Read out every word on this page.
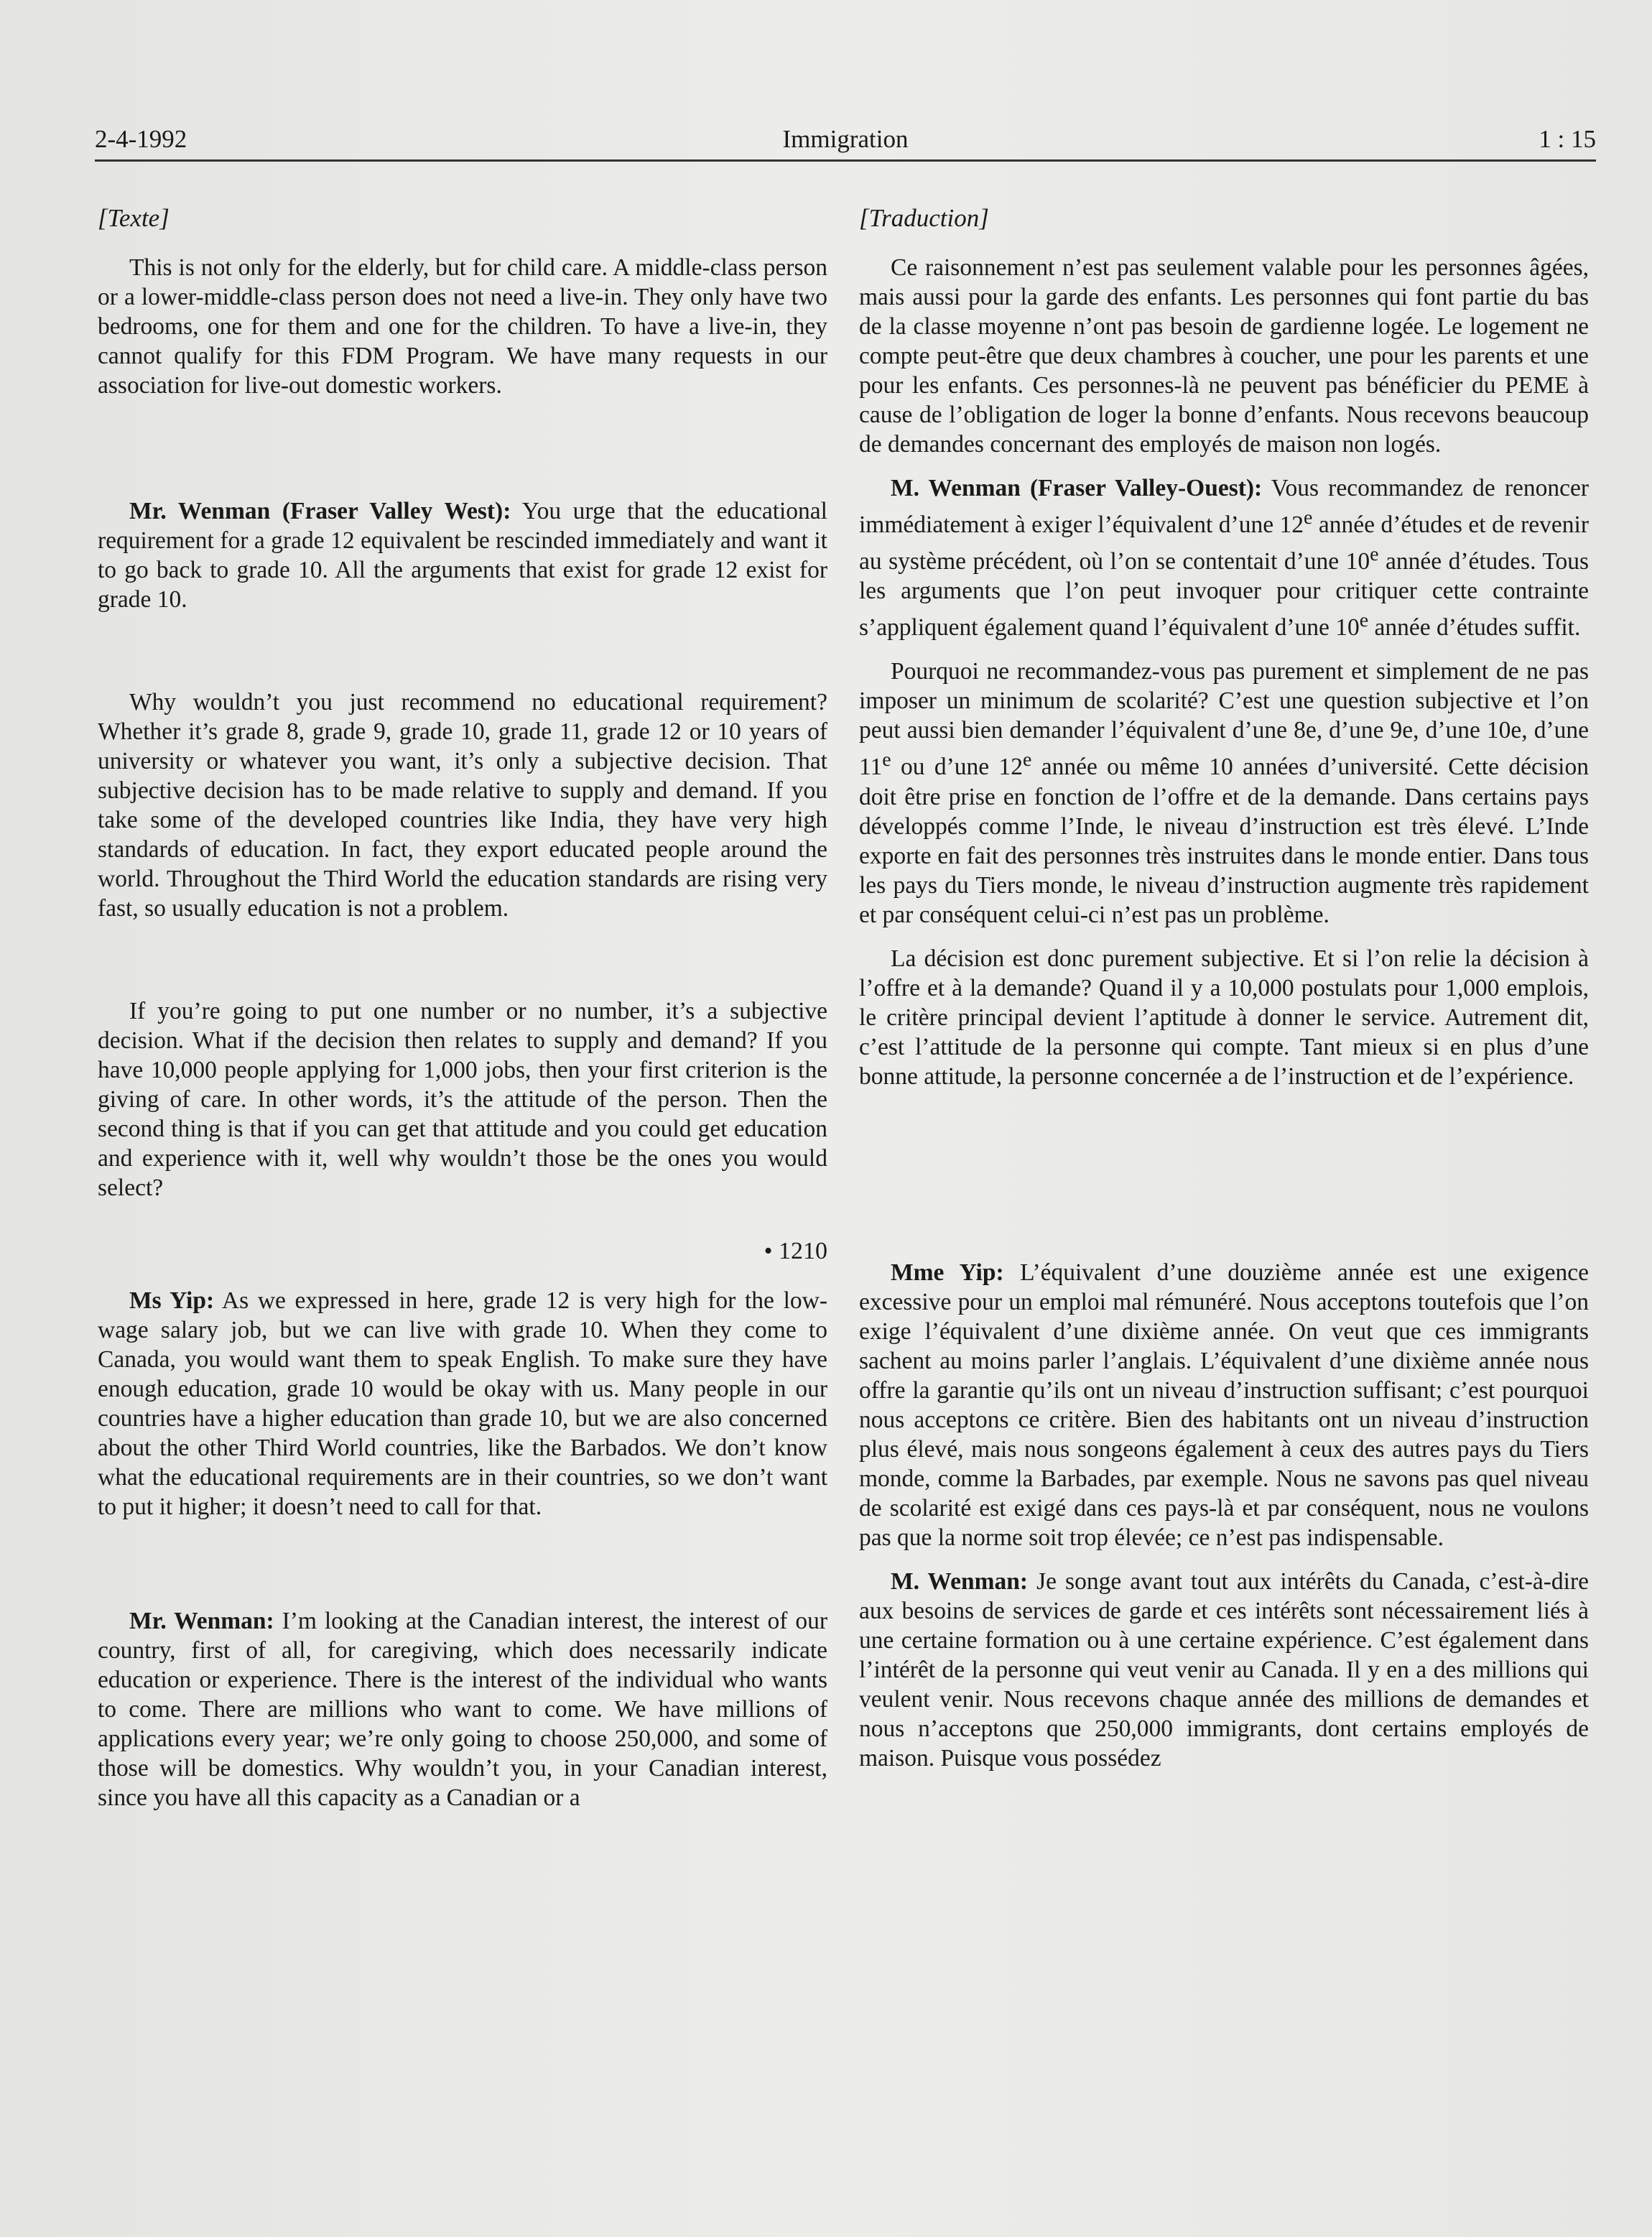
2-4-1992	Immigration	1 : 15

[Texte]

This is not only for the elderly, but for child care. A middle-class person or a lower-middle-class person does not need a live-in. They only have two bedrooms, one for them and one for the children. To have a live-in, they cannot qualify for this FDM Program. We have many requests in our association for live-out domestic workers.

Mr. Wenman (Fraser Valley West): You urge that the educational requirement for a grade 12 equivalent be rescinded immediately and want it to go back to grade 10. All the arguments that exist for grade 12 exist for grade 10.

Why wouldn’t you just recommend no educational requirement? Whether it’s grade 8, grade 9, grade 10, grade 11, grade 12 or 10 years of university or whatever you want, it’s only a subjective decision. That subjective decision has to be made relative to supply and demand. If you take some of the developed countries like India, they have very high standards of education. In fact, they export educated people around the world. Throughout the Third World the education standards are rising very fast, so usually education is not a problem.

If you’re going to put one number or no number, it’s a subjective decision. What if the decision then relates to supply and demand? If you have 10,000 people applying for 1,000 jobs, then your first criterion is the giving of care. In other words, it’s the attitude of the person. Then the second thing is that if you can get that attitude and you could get education and experience with it, well why wouldn’t those be the ones you would select?

• 1210

Ms Yip: As we expressed in here, grade 12 is very high for the low-wage salary job, but we can live with grade 10. When they come to Canada, you would want them to speak English. To make sure they have enough education, grade 10 would be okay with us. Many people in our countries have a higher education than grade 10, but we are also concerned about the other Third World countries, like the Barbados. We don’t know what the educational requirements are in their countries, so we don’t want to put it higher; it doesn’t need to call for that.

Mr. Wenman: I’m looking at the Canadian interest, the interest of our country, first of all, for caregiving, which does necessarily indicate education or experience. There is the interest of the individual who wants to come. There are millions who want to come. We have millions of applications every year; we’re only going to choose 250,000, and some of those will be domestics. Why wouldn’t you, in your Canadian interest, since you have all this capacity as a Canadian or a

[Traduction]

Ce raisonnement n’est pas seulement valable pour les personnes âgées, mais aussi pour la garde des enfants. Les personnes qui font partie du bas de la classe moyenne n’ont pas besoin de gardienne logée. Le logement ne compte peut-être que deux chambres à coucher, une pour les parents et une pour les enfants. Ces personnes-là ne peuvent pas bénéficier du PEME à cause de l’obligation de loger la bonne d’enfants. Nous recevons beaucoup de demandes concernant des employés de maison non logés.

M. Wenman (Fraser Valley-Ouest): Vous recommandez de renoncer immédiatement à exiger l’équivalent d’une 12e année d’études et de revenir au système précédent, où l’on se contentait d’une 10e année d’études. Tous les arguments que l’on peut invoquer pour critiquer cette contrainte s’appliquent également quand l’équivalent d’une 10e année d’études suffit.

Pourquoi ne recommandez-vous pas purement et simplement de ne pas imposer un minimum de scolarité? C’est une question subjective et l’on peut aussi bien demander l’équivalent d’une 8e, d’une 9e, d’une 10e, d’une 11e ou d’une 12e année ou même 10 années d’université. Cette décision doit être prise en fonction de l’offre et de la demande. Dans certains pays développés comme l’Inde, le niveau d’instruction est très élevé. L’Inde exporte en fait des personnes très instruites dans le monde entier. Dans tous les pays du Tiers monde, le niveau d’instruction augmente très rapidement et par conséquent celui-ci n’est pas un problème.

La décision est donc purement subjective. Et si l’on relie la décision à l’offre et à la demande? Quand il y a 10,000 postulats pour 1,000 emplois, le critère principal devient l’aptitude à donner le service. Autrement dit, c’est l’attitude de la personne qui compte. Tant mieux si en plus d’une bonne attitude, la personne concernée a de l’instruction et de l’expérience.

Mme Yip: L’équivalent d’une douzième année est une exigence excessive pour un emploi mal rémunéré. Nous acceptons toutefois que l’on exige l’équivalent d’une dixième année. On veut que ces immigrants sachent au moins parler l’anglais. L’équivalent d’une dixième année nous offre la garantie qu’ils ont un niveau d’instruction suffisant; c’est pourquoi nous acceptons ce critère. Bien des habitants ont un niveau d’instruction plus élevé, mais nous songeons également à ceux des autres pays du Tiers monde, comme la Barbades, par exemple. Nous ne savons pas quel niveau de scolarité est exigé dans ces pays-là et par conséquent, nous ne voulons pas que la norme soit trop élevée; ce n’est pas indispensable.

M. Wenman: Je songe avant tout aux intérêts du Canada, c’est-à-dire aux besoins de services de garde et ces intérêts sont nécessairement liés à une certaine formation ou à une certaine expérience. C’est également dans l’intérêt de la personne qui veut venir au Canada. Il y en a des millions qui veulent venir. Nous recevons chaque année des millions de demandes et nous n’acceptons que 250,000 immigrants, dont certains employés de maison. Puisque vous possédez
